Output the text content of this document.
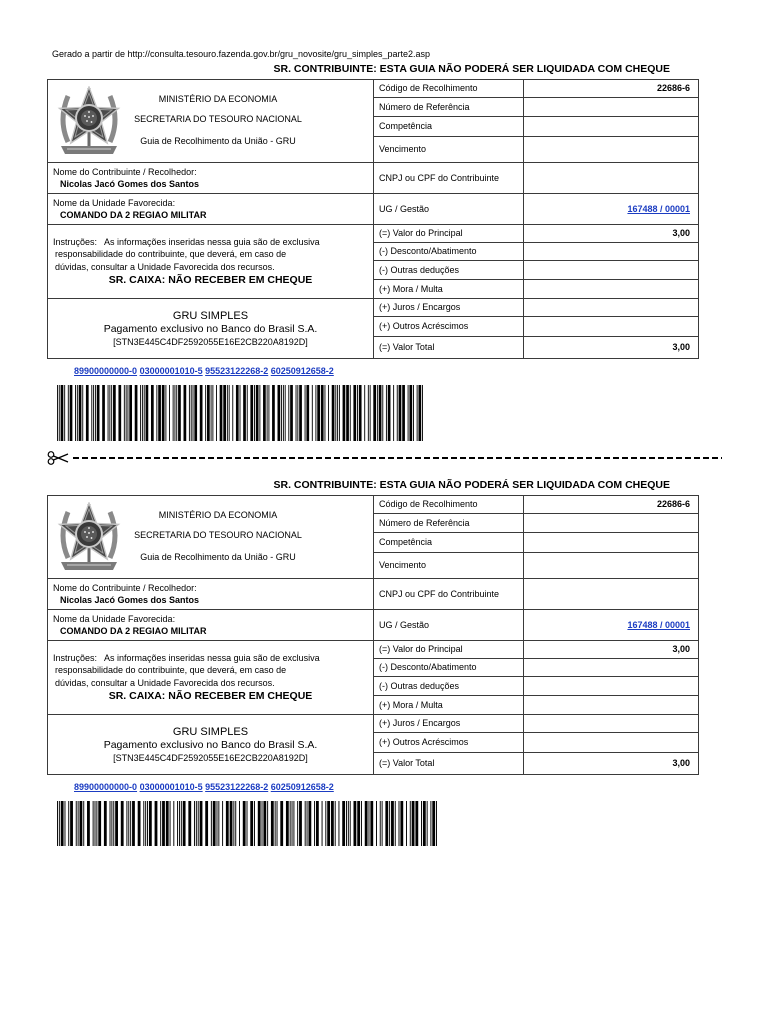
Gerado a partir de http://consulta.tesouro.fazenda.gov.br/gru_novosite/gru_simples_parte2.asp
SR. CONTRIBUINTE: ESTA GUIA NÃO PODERÁ SER LIQUIDADA COM CHEQUE
MINISTÉRIO DA ECONOMIA
SECRETARIA DO TESOURO NACIONAL
Guia de Recolhimento da União - GRU	Código de Recolhimento	22686-6
	Número de Referência	
	Competência	
	Vencimento	

Nome do Contribuinte / Recolhedor:
Nicolas Jacó Gomes dos Santos	CNPJ ou CPF do Contribuinte	

Nome da Unidade Favorecida:
COMANDO DA 2 REGIAO MILITAR	UG / Gestão	167488 / 00001

Instruções: As informações inseridas nessa guia são de exclusiva
responsabilidade do contribuinte, que deverá, em caso de
dúvidas, consultar a Unidade Favorecida dos recursos.
SR. CAIXA: NÃO RECEBER EM CHEQUE	(=) Valor do Principal	3,00
	(-) Desconto/Abatimento	
	(-) Outras deduções	
	(+) Mora / Multa	

GRU SIMPLES
Pagamento exclusivo no Banco do Brasil S.A.
[STN3E445C4DF2592055E16E2CB220A8192D]	(+) Juros / Encargos	
	(+) Outros Acréscimos	
	(=) Valor Total	3,00
89900000000-0 03000001010-5 95523122268-2 60250912658-2
SR. CONTRIBUINTE: ESTA GUIA NÃO PODERÁ SER LIQUIDADA COM CHEQUE
MINISTÉRIO DA ECONOMIA
SECRETARIA DO TESOURO NACIONAL
Guia de Recolhimento da União - GRU	Código de Recolhimento	22686-6
	Número de Referência	
	Competência	
	Vencimento	

Nome do Contribuinte / Recolhedor:
Nicolas Jacó Gomes dos Santos	CNPJ ou CPF do Contribuinte	

Nome da Unidade Favorecida:
COMANDO DA 2 REGIAO MILITAR	UG / Gestão	167488 / 00001

Instruções: As informações inseridas nessa guia são de exclusiva
responsabilidade do contribuinte, que deverá, em caso de
dúvidas, consultar a Unidade Favorecida dos recursos.
SR. CAIXA: NÃO RECEBER EM CHEQUE	(=) Valor do Principal	3,00
	(-) Desconto/Abatimento	
	(-) Outras deduções	
	(+) Mora / Multa	

GRU SIMPLES
Pagamento exclusivo no Banco do Brasil S.A.
[STN3E445C4DF2592055E16E2CB220A8192D]	(+) Juros / Encargos	
	(+) Outros Acréscimos	
	(=) Valor Total	3,00
89900000000-0 03000001010-5 95523122268-2 60250912658-2
